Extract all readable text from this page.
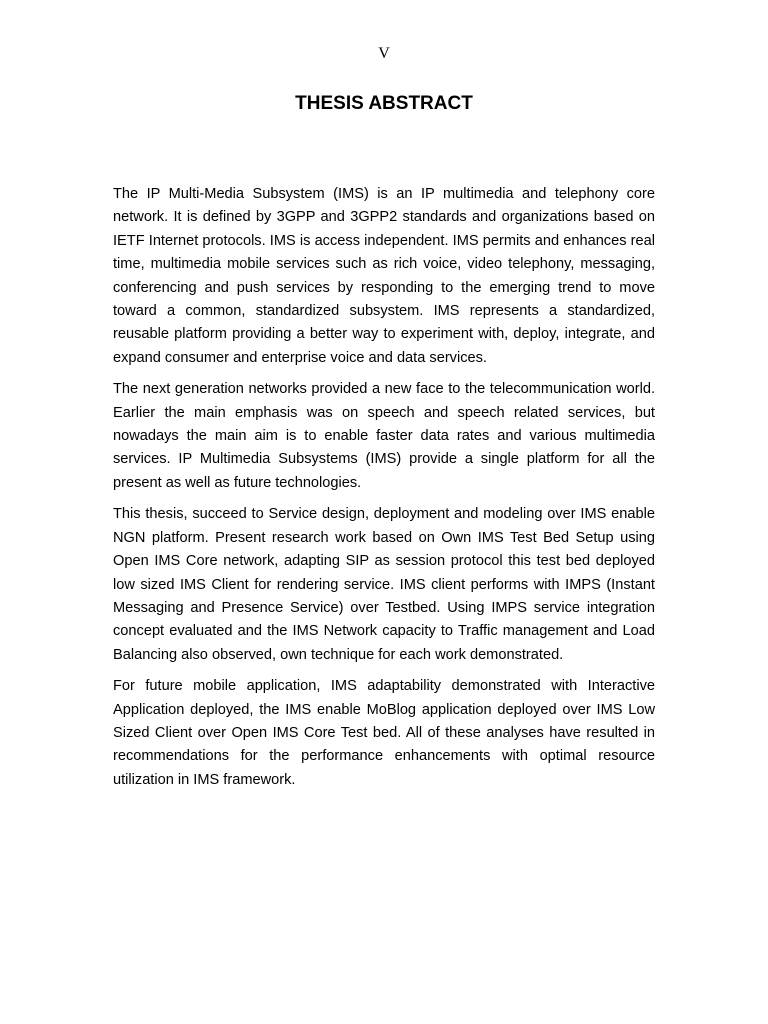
V
THESIS ABSTRACT

The IP Multi-Media Subsystem (IMS) is an IP multimedia and telephony core network. It is defined by 3GPP and 3GPP2 standards and organizations based on IETF Internet protocols. IMS is access independent. IMS permits and enhances real time, multimedia mobile services such as rich voice, video telephony, messaging, conferencing and push services by responding to the emerging trend to move toward a common, standardized subsystem. IMS represents a standardized, reusable platform providing a better way to experiment with, deploy, integrate, and expand consumer and enterprise voice and data services.

The next generation networks provided a new face to the telecommunication world. Earlier the main emphasis was on speech and speech related services, but nowadays the main aim is to enable faster data rates and various multimedia services. IP Multimedia Subsystems (IMS) provide a single platform for all the present as well as future technologies.

This thesis, succeed to Service design, deployment and modeling over IMS enable NGN platform. Present research work based on Own IMS Test Bed Setup using Open IMS Core network, adapting SIP as session protocol this test bed deployed low sized IMS Client for rendering service. IMS client performs with IMPS (Instant Messaging and Presence Service) over Testbed. Using IMPS service integration concept evaluated and the IMS Network capacity to Traffic management and Load Balancing also observed, own technique for each work demonstrated.

For future mobile application, IMS adaptability demonstrated with Interactive Application deployed, the IMS enable MoBlog application deployed over IMS Low Sized Client over Open IMS Core Test bed. All of these analyses have resulted in recommendations for the performance enhancements with optimal resource utilization in IMS framework.
